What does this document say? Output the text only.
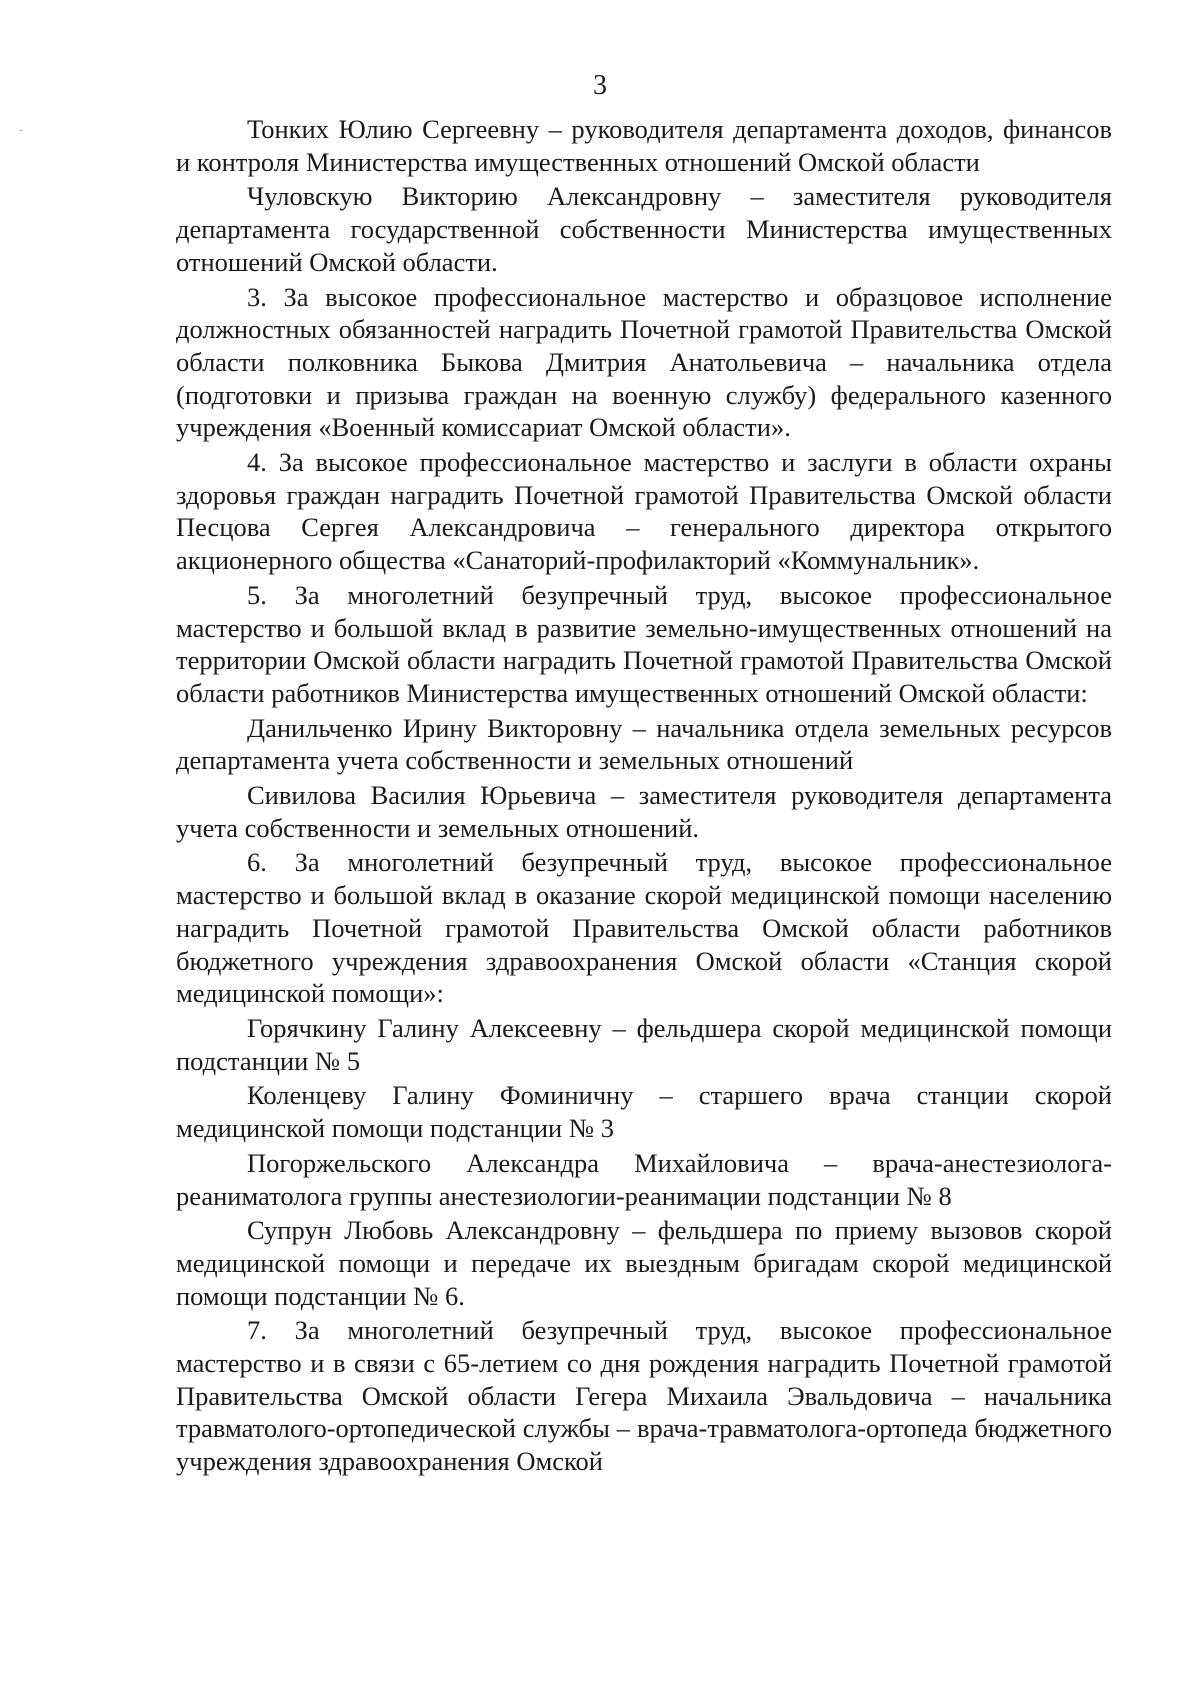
3

Тонких Юлию Сергеевну – руководителя департамента доходов, финансов и контроля Министерства имущественных отношений Омской области

Чуловскую Викторию Александровну – заместителя руководителя департамента государственной собственности Министерства имущественных отношений Омской области.

3. За высокое профессиональное мастерство и образцовое исполнение должностных обязанностей наградить Почетной грамотой Правительства Омской области полковника Быкова Дмитрия Анатольевича – начальника отдела (подготовки и призыва граждан на военную службу) федерального казенного учреждения «Военный комиссариат Омской области».

4. За высокое профессиональное мастерство и заслуги в области охраны здоровья граждан наградить Почетной грамотой Правительства Омской области Песцова Сергея Александровича – генерального директора открытого акционерного общества «Санаторий-профилакторий «Коммунальник».

5. За многолетний безупречный труд, высокое профессиональное мастерство и большой вклад в развитие земельно-имущественных отношений на территории Омской области наградить Почетной грамотой Правительства Омской области работников Министерства имущественных отношений Омской области:

Данильченко Ирину Викторовну – начальника отдела земельных ресурсов департамента учета собственности и земельных отношений

Сивилова Василия Юрьевича – заместителя руководителя департамента учета собственности и земельных отношений.

6. За многолетний безупречный труд, высокое профессиональное мастерство и большой вклад в оказание скорой медицинской помощи населению наградить Почетной грамотой Правительства Омской области работников бюджетного учреждения здравоохранения Омской области «Станция скорой медицинской помощи»:

Горячкину Галину Алексеевну – фельдшера скорой медицинской помощи подстанции № 5

Коленцеву Галину Фоминичну – старшего врача станции скорой медицинской помощи подстанции № 3

Погоржельского Александра Михайловича – врача-анестезиолога-реаниматолога группы анестезиологии-реанимации подстанции № 8

Супрун Любовь Александровну – фельдшера по приему вызовов скорой медицинской помощи и передаче их выездным бригадам скорой медицинской помощи подстанции № 6.

7. За многолетний безупречный труд, высокое профессиональное мастерство и в связи с 65-летием со дня рождения наградить Почетной грамотой Правительства Омской области Гегера Михаила Эвальдовича – начальника травматолого-ортопедической службы – врача-травматолога-ортопеда бюджетного учреждения здравоохранения Омской
